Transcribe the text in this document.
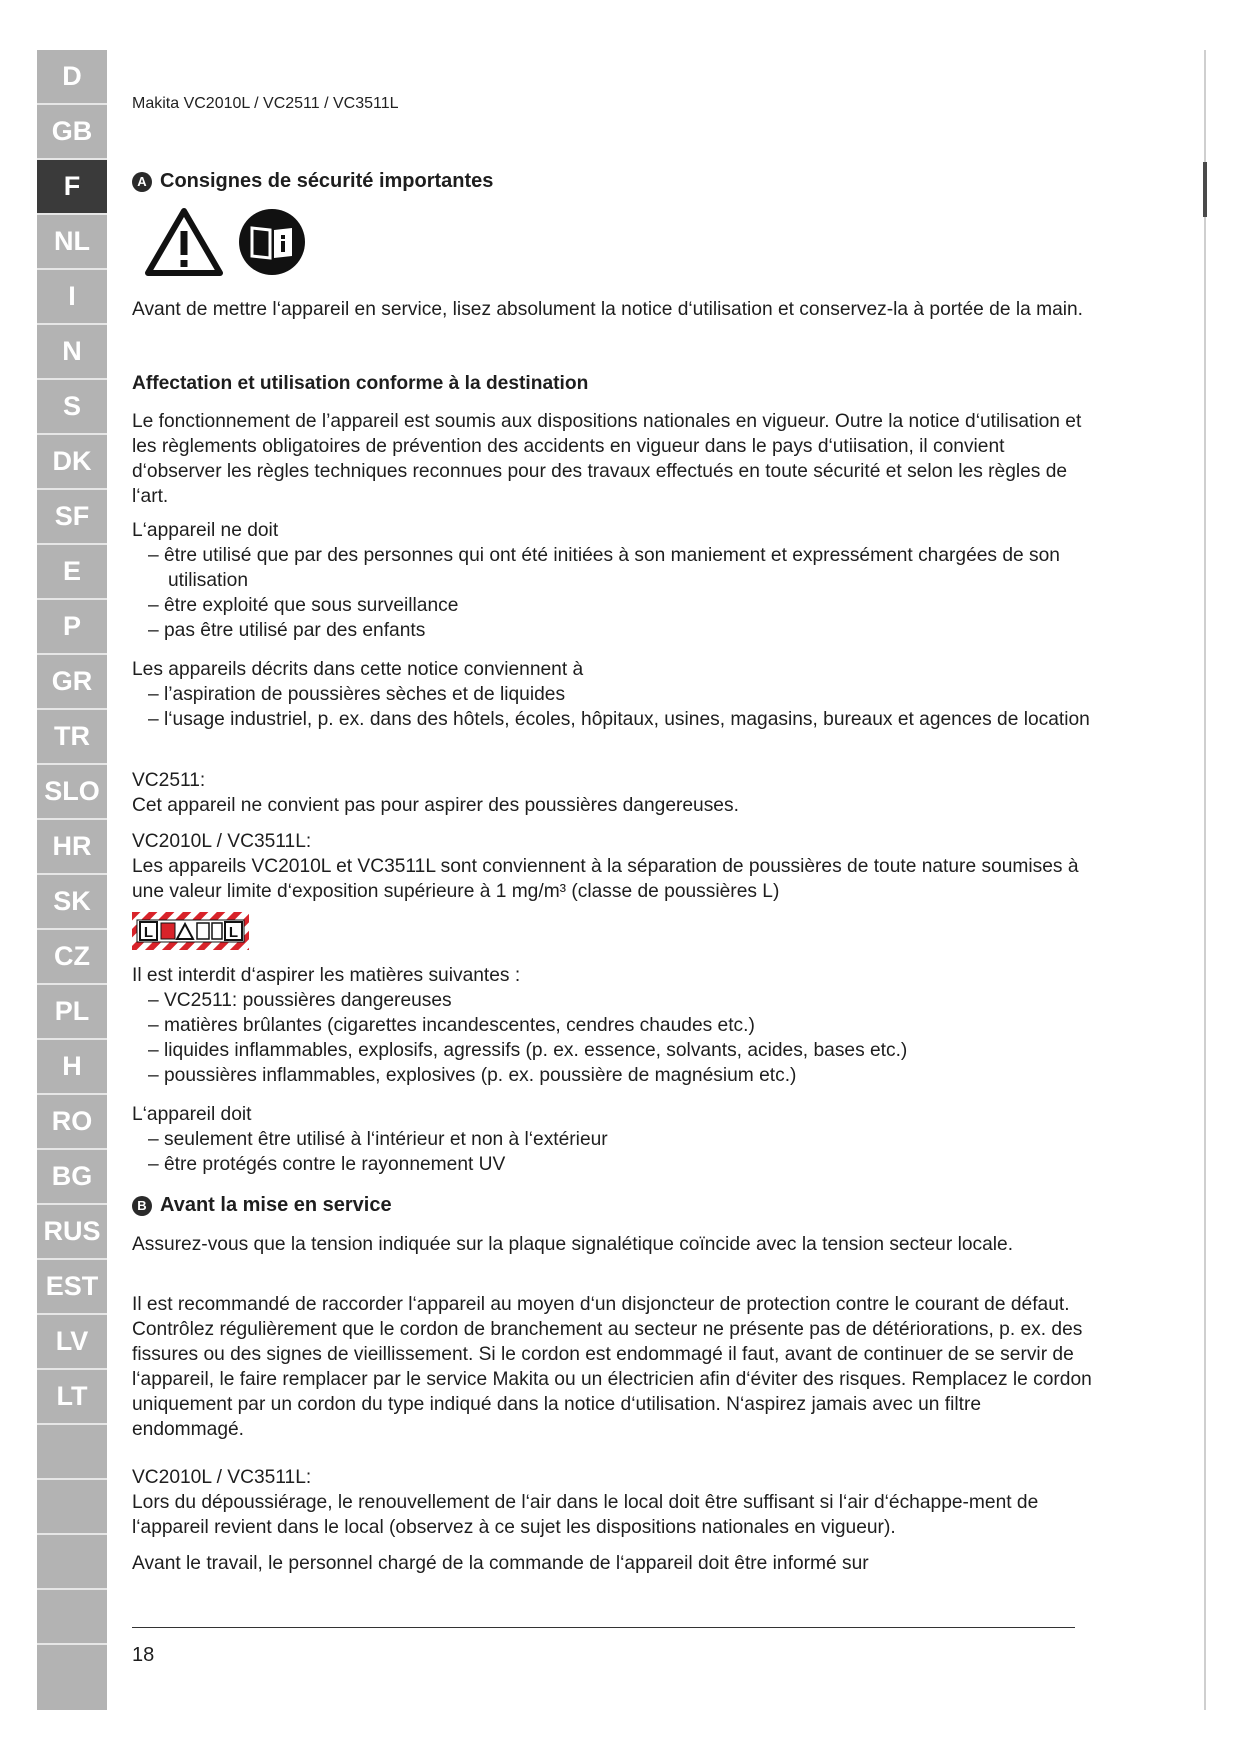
D
GB
F
NL
I
N
S
DK
SF
E
P
GR
TR
SLO
HR
SK
CZ
PL
H
RO
BG
RUS
EST
LV
LT
Makita VC2010L / VC2511 / VC3511L
A Consignes de sécurité importantes
Avant de mettre l‘appareil en service, lisez absolument la notice d‘utilisation et conservez-la à portée de la main.
Affectation et utilisation conforme à la destination
Le fonctionnement de l’appareil est soumis aux dispositions nationales en vigueur. Outre la notice d‘utilisation et les règlements obligatoires de prévention des accidents en vigueur dans le pays d‘utiisation, il convient d‘observer les règles techniques reconnues pour des travaux effectués en toute sécurité et selon les règles de l‘art.
L‘appareil ne doit
– être utilisé que par des personnes qui ont été initiées à son maniement et expressément chargées de son utilisation
– être exploité que sous surveillance
– pas être utilisé par des enfants
Les appareils décrits dans cette notice conviennent à
– l’aspiration de poussières sèches et de liquides
– l‘usage industriel, p. ex. dans des hôtels, écoles, hôpitaux, usines, magasins, bureaux et agences de location
VC2511:
Cet appareil ne convient pas pour aspirer des poussières dangereuses.
VC2010L / VC3511L:
Les appareils VC2010L et VC3511L sont conviennent à la séparation de poussières de toute nature soumises à une valeur limite d‘exposition supérieure à 1 mg/m³ (classe de poussières L)
L	L
Il est interdit d‘aspirer les matières suivantes :
– VC2511: poussières dangereuses
– matières brûlantes (cigarettes incandescentes, cendres chaudes etc.)
– liquides inflammables, explosifs, agressifs (p. ex. essence, solvants, acides, bases etc.)
– poussières inflammables, explosives (p. ex. poussière de magnésium etc.)
L‘appareil doit
– seulement être utilisé à l‘intérieur et non à l‘extérieur
– être protégés contre le rayonnement UV
B Avant la mise en service
Assurez-vous que la tension indiquée sur la plaque signalétique coïncide avec la tension secteur locale.
Il est recommandé de raccorder l‘appareil au moyen d‘un disjoncteur de protection contre le courant de défaut. Contrôlez régulièrement que le cordon de branchement au secteur ne présente pas de détériorations, p. ex. des fissures ou des signes de vieillissement. Si le cordon est endommagé il faut, avant de continuer de se servir de l‘appareil, le faire remplacer par le service Makita ou un électricien afin d‘éviter des risques. Remplacez le cordon uniquement par un cordon du type indiqué dans la notice d‘utilisation. N‘aspirez jamais avec un filtre endommagé.
VC2010L / VC3511L:
Lors du dépoussiérage, le renouvellement de l‘air dans le local doit être suffisant si l‘air d‘échappe-ment de l‘appareil revient dans le local (observez à ce sujet les dispositions nationales en vigueur).
Avant le travail, le personnel chargé de la commande de l‘appareil doit être informé sur
18
